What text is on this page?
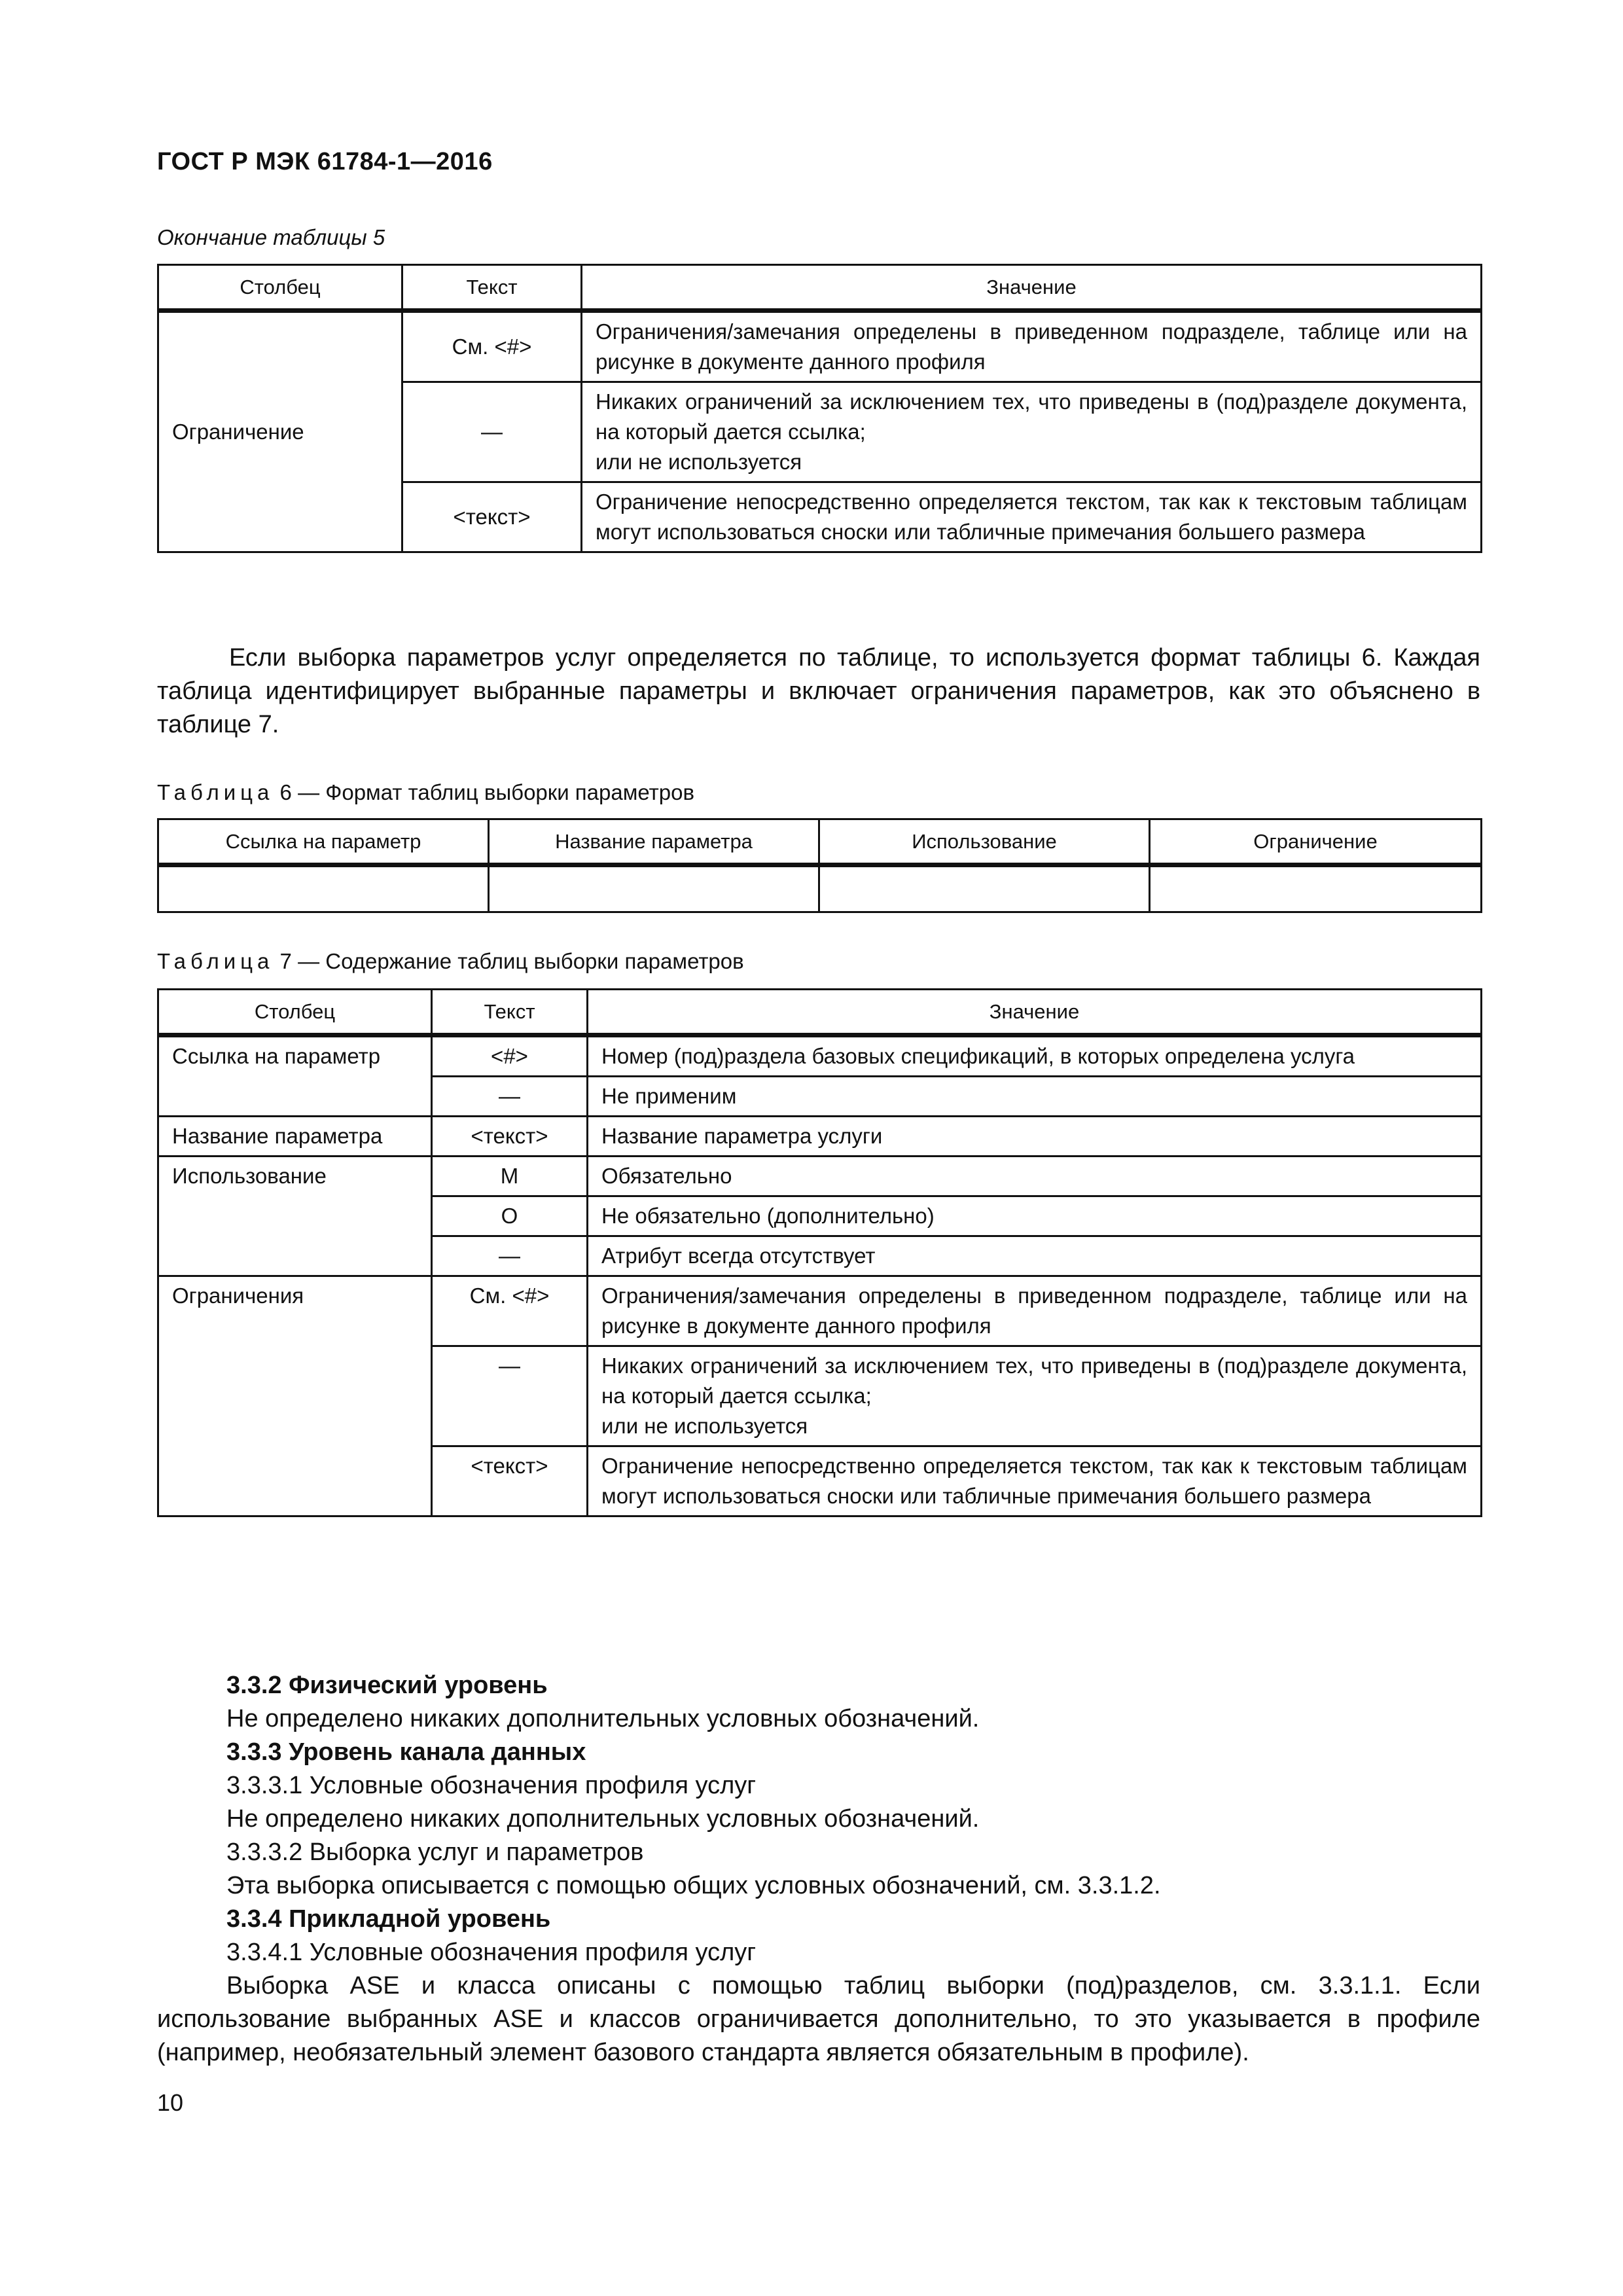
ГОСТ Р МЭК 61784-1—2016
Окончание таблицы 5
Столбец	Текст	Значение
Ограничение	См. <#>	Ограничения/замечания определены в приведенном подразделе, таблице или на рисунке в документе данного профиля
	—	Никаких ограничений за исключением тех, что приведены в (под)разделе документа, на который дается ссылка;
или не используется

	<текст>	Ограничение непосредственно определяется текстом, так как к текстовым таблицам могут использоваться сноски или табличные примечания большего размера
Если выборка параметров услуг определяется по таблице, то используется формат таблицы 6. Каждая таблица идентифицирует выбранные параметры и включает ограничения параметров, как это объяснено в таблице 7.
Таблица 6 — Формат таблиц выборки параметров
Ссылка на параметр	Название параметра	Использование	Ограничение

Таблица 7 — Содержание таблиц выборки параметров
Столбец	Текст	Значение
Ссылка на параметр	<#>	Номер (под)раздела базовых спецификаций, в которых определена услуга
	—	Не применим
Название параметра	<текст>	Название параметра услуги
Использование	M	Обязательно
	O	Не обязательно (дополнительно)
	—	Атрибут всегда отсутствует
Ограничения	См. <#>	Ограничения/замечания определены в приведенном подразделе, таблице или на рисунке в документе данного профиля
	—	Никаких ограничений за исключением тех, что приведены в (под)разделе документа, на который дается ссылка;
или не используется

	<текст>	Ограничение непосредственно определяется текстом, так как к текстовым таблицам могут использоваться сноски или табличные примечания большего размера
3.3.2 Физический уровень
Не определено никаких дополнительных условных обозначений.
3.3.3 Уровень канала данных
3.3.3.1 Условные обозначения профиля услуг
Не определено никаких дополнительных условных обозначений.
3.3.3.2 Выборка услуг и параметров
Эта выборка описывается с помощью общих условных обозначений, см. 3.3.1.2.
3.3.4 Прикладной уровень
3.3.4.1 Условные обозначения профиля услуг
Выборка ASE и класса описаны с помощью таблиц выборки (под)разделов, см. 3.3.1.1. Если использование выбранных ASE и классов ограничивается дополнительно, то это указывается в профиле (например, необязательный элемент базового стандарта является обязательным в профиле).
10
